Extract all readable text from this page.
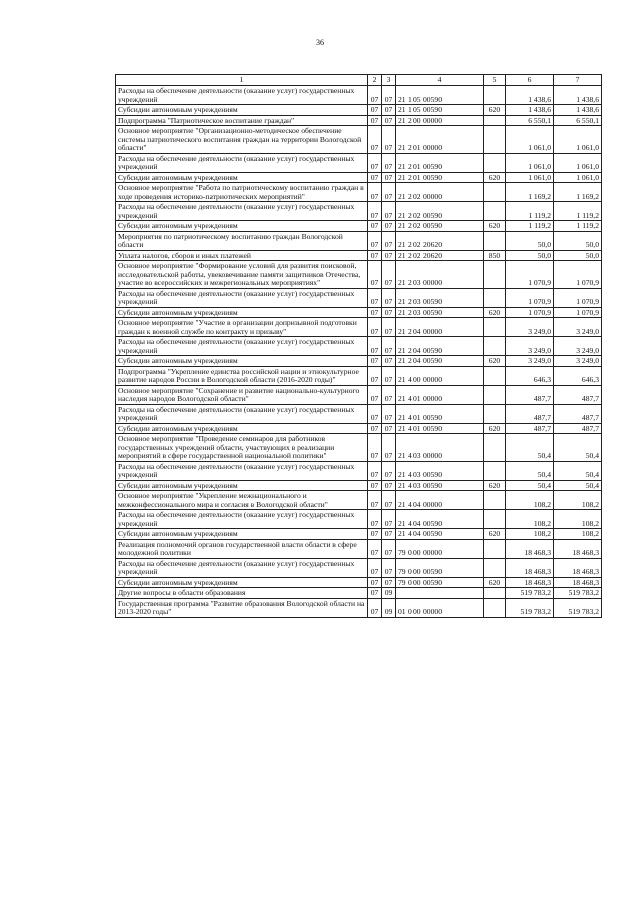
36
1	2	3	4	5	6	7
Расходы на обеспечение деятельности (оказание услуг) государственных учреждений	07	07	21 105 00590		1 438,6	1 438,6
Субсидии автономным учреждениям	07	07	21 105 00590	620	1 438,6	1 438,6
Подпрограмма "Патриотическое воспитание граждан"	07	07	21 200 00000		6 550,1	6 550,1
Основное мероприятие "Организационно-методическое обеспечение системы патриотического воспитания граждан на территории Вологодской области"	07	07	21 201 00000		1 061,0	1 061,0
Расходы на обеспечение деятельности (оказание услуг) государственных учреждений	07	07	21 201 00590		1 061,0	1 061,0
Субсидии автономным учреждениям	07	07	21 201 00590	620	1 061,0	1 061,0
Основное мероприятие "Работа по патриотическому воспитанию граждан в ходе проведения историко-патриотических мероприятий"	07	07	21 202 00000		1 169,2	1 169,2
Расходы на обеспечение деятельности (оказание услуг) государственных учреждений	07	07	21 202 00590		1 119,2	1 119,2
Субсидии автономным учреждениям	07	07	21 202 00590	620	1 119,2	1 119,2
Мероприятия по патриотическому воспитанию граждан Вологодской области	07	07	21 202 20620		50,0	50,0
Уплата налогов, сборов и иных платежей	07	07	21 202 20620	850	50,0	50,0
Основное мероприятие "Формирование условий для развития поисковой, исследовательской работы, увековечивание памяти защитников Отечества, участие во всероссийских и межрегиональных мероприятиях"	07	07	21 203 00000		1 070,9	1 070,9
Расходы на обеспечение деятельности (оказание услуг) государственных учреждений	07	07	21 203 00590		1 070,9	1 070,9
Субсидии автономным учреждениям	07	07	21 203 00590	620	1 070,9	1 070,9
Основное мероприятие "Участие в организации допризывной подготовки граждан к военной службе по контракту и призыву"	07	07	21 204 00000		3 249,0	3 249,0
Расходы на обеспечение деятельности (оказание услуг) государственных учреждений	07	07	21 204 00590		3 249,0	3 249,0
Субсидии автономным учреждениям	07	07	21 204 00590	620	3 249,0	3 249,0
Подпрограмма "Укрепление единства российской нации и этнокультурное развитие народов России в Вологодской области (2016-2020 годы)"	07	07	21 400 00000		646,3	646,3
Основное мероприятие "Сохранение и развитие национально-культурного наследия народов Вологодской области"	07	07	21 401 00000		487,7	487,7
Расходы на обеспечение деятельности (оказание услуг) государственных учреждений	07	07	21 401 00590		487,7	487,7
Субсидии автономным учреждениям	07	07	21 401 00590	620	487,7	487,7
Основное мероприятие "Проведение семинаров для работников государственных учреждений области, участвующих в реализации мероприятий в сфере государственной национальной политики"	07	07	21 403 00000		50,4	50,4
Расходы на обеспечение деятельности (оказание услуг) государственных учреждений	07	07	21 403 00590		50,4	50,4
Субсидии автономным учреждениям	07	07	21 403 00590	620	50,4	50,4
Основное мероприятие "Укрепление межнационального и межконфессионального мира и согласия в Вологодской области"	07	07	21 404 00000		108,2	108,2
Расходы на обеспечение деятельности (оказание услуг) государственных учреждений	07	07	21 404 00590		108,2	108,2
Субсидии автономным учреждениям	07	07	21 404 00590	620	108,2	108,2
Реализация полномочий органов государственной власти области в сфере молодежной политики	07	07	79 000 00000		18 468,3	18 468,3
Расходы на обеспечение деятельности (оказание услуг) государственных учреждений	07	07	79 000 00590		18 468,3	18 468,3
Субсидии автономным учреждениям	07	07	79 000 00590	620	18 468,3	18 468,3
Другие вопросы в области образования	07	09			519 783,2	519 783,2
Государственная программа "Развитие образования Вологодской области на 2013-2020 годы"	07	09	01 000 00000		519 783,2	519 783,2
